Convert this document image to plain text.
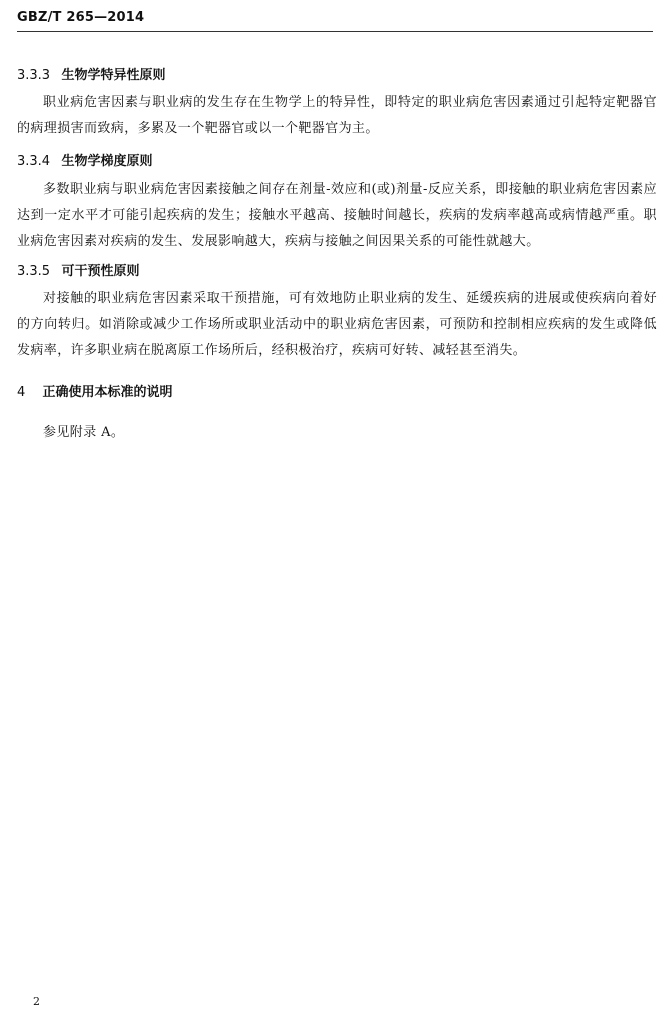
GBZ/T 265—2014
3.3.3 生物学特异性原则
职业病危害因素与职业病的发生存在生物学上的特异性，即特定的职业病危害因素通过引起特定靶器官的病理损害而致病，多累及一个靶器官或以一个靶器官为主。
3.3.4 生物学梯度原则
多数职业病与职业病危害因素接触之间存在剂量-效应和(或)剂量-反应关系，即接触的职业病危害因素应达到一定水平才可能引起疾病的发生；接触水平越高、接触时间越长，疾病的发病率越高或病情越严重。职业病危害因素对疾病的发生、发展影响越大，疾病与接触之间因果关系的可能性就越大。
3.3.5 可干预性原则
对接触的职业病危害因素采取干预措施，可有效地防止职业病的发生、延缓疾病的进展或使疾病向着好的方向转归。如消除或减少工作场所或职业活动中的职业病危害因素，可预防和控制相应疾病的发生或降低发病率，许多职业病在脱离原工作场所后，经积极治疗，疾病可好转、减轻甚至消失。
4 正确使用本标准的说明
参见附录 A。
2
